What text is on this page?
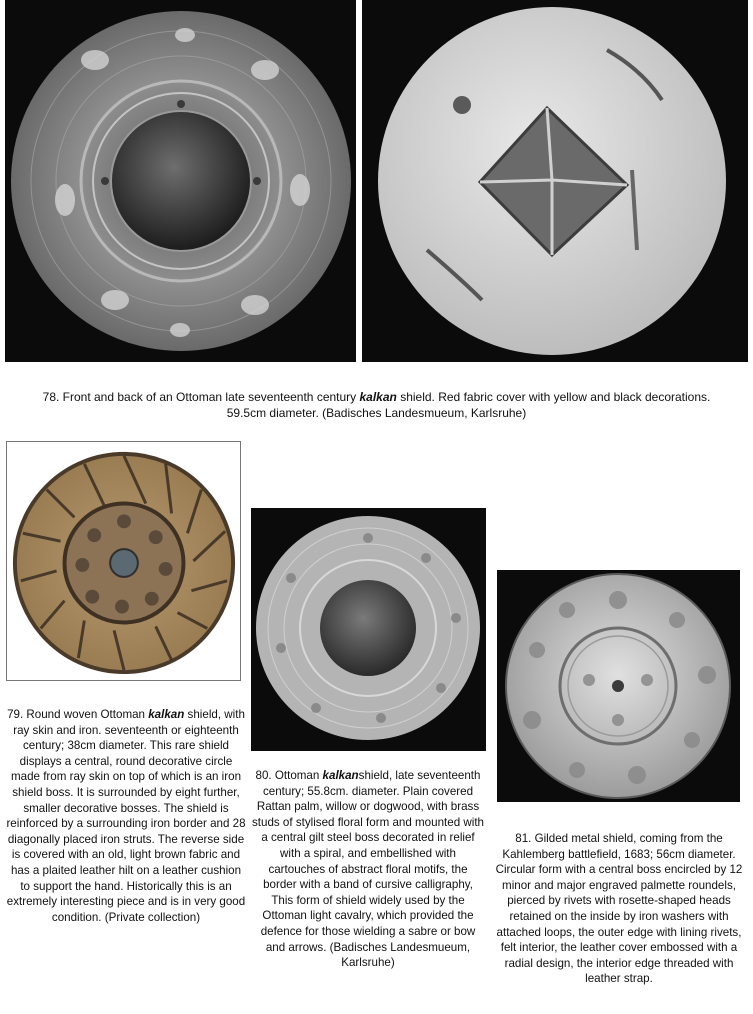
78. Front and back of an Ottoman late seventeenth century kalkan shield. Red fabric cover with yellow and black decorations.
59.5cm diameter. (Badisches Landesmueum, Karlsruhe)

79. Round woven Ottoman kalkan shield, with ray skin and iron. seventeenth or eighteenth century; 38cm diameter. This rare shield displays a central, round decorative circle made from ray skin on top of which is an iron shield boss. It is surrounded by eight further, smaller decorative bosses. The shield is reinforced by a surrounding iron border and 28 diagonally placed iron struts. The reverse side is covered with an old, light brown fabric and has a plaited leather hilt on a leather cushion to support the hand. Historically this is an extremely interesting piece and is in very good condition. (Private collection)

80. Ottoman kalkanshield, late seventeenth century; 55.8cm. diameter. Plain covered Rattan palm, willow or dogwood, with brass studs of stylised floral form and mounted with a central gilt steel boss decorated in relief with a spiral, and embellished with cartouches of abstract floral motifs, the border with a band of cursive calligraphy, This form of shield widely used by the Ottoman light cavalry, which provided the defence for those wielding a sabre or bow and arrows. (Badisches Landesmueum, Karlsruhe)

81. Gilded metal shield, coming from the Kahlemberg battlefield, 1683; 56cm diameter. Circular form with a central boss encircled by 12 minor and major engraved palmette roundels, pierced by rivets with rosette-shaped heads retained on the inside by iron washers with attached loops, the outer edge with lining rivets, felt interior, the leather cover embossed with a radial design, the interior edge threaded with leather strap.
